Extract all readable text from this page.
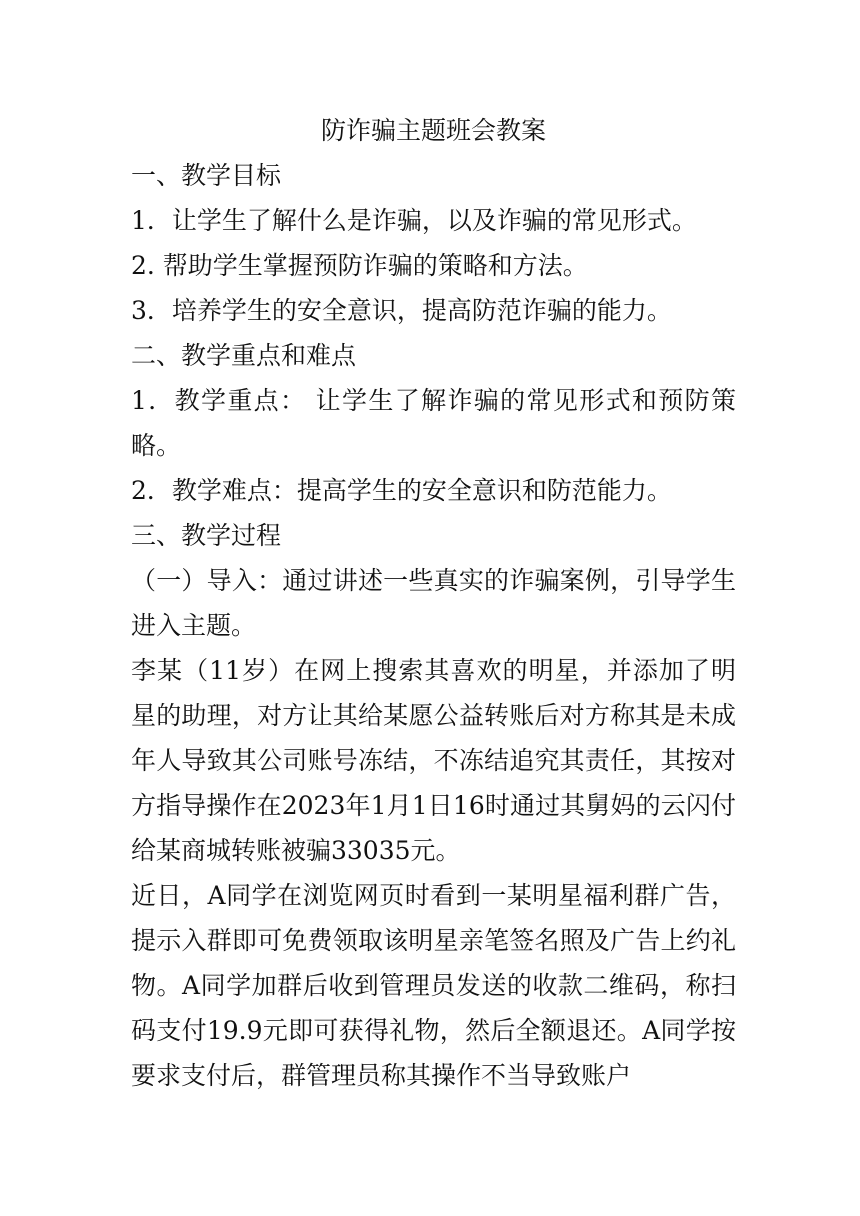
防诈骗主题班会教案

一、教学目标

1．让学生了解什么是诈骗，以及诈骗的常见形式。

2. 帮助学生掌握预防诈骗的策略和方法。

3．培养学生的安全意识，提高防范诈骗的能力。

二、教学重点和难点

1．教学重点： 让学生了解诈骗的常见形式和预防策略。

2．教学难点：提高学生的安全意识和防范能力。

三、教学过程

（一）导入：通过讲述一些真实的诈骗案例，引导学生进入主题。

李某（11岁）在网上搜索其喜欢的明星，并添加了明星的助理，对方让其给某愿公益转账后对方称其是未成年人导致其公司账号冻结，不冻结追究其责任，其按对方指导操作在2023年1月1日16时通过其舅妈的云闪付给某商城转账被骗33035元。

近日，A同学在浏览网页时看到一某明星福利群广告，提示入群即可免费领取该明星亲笔签名照及广告上约礼物。A同学加群后收到管理员发送的收款二维码，称扫码支付19.9元即可获得礼物，然后全额退还。A同学按要求支付后，群管理员称其操作不当导致账户
